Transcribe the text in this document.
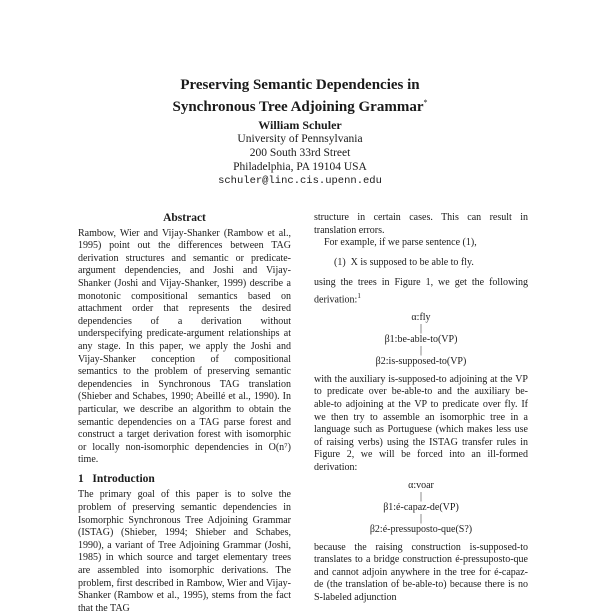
Preserving Semantic Dependencies in
Synchronous Tree Adjoining Grammar*

William Schuler
University of Pennsylvania
200 South 33rd Street
Philadelphia, PA 19104 USA
schuler@linc.cis.upenn.edu
Abstract

Rambow, Wier and Vijay-Shanker (Rambow et al., 1995) point out the differences between TAG derivation structures and semantic or predicate-argument dependencies, and Joshi and Vijay-Shanker (Joshi and Vijay-Shanker, 1999) describe a monotonic compositional semantics based on attachment order that represents the desired dependencies of a derivation without underspecifying predicate-argument relationships at any stage. In this paper, we apply the Joshi and Vijay-Shanker conception of compositional semantics to the problem of preserving semantic dependencies in Synchronous TAG translation (Shieber and Schabes, 1990; Abeillé et al., 1990). In particular, we describe an algorithm to obtain the semantic dependencies on a TAG parse forest and construct a target derivation forest with isomorphic or locally non-isomorphic dependencies in O(n⁷) time.

1 Introduction

The primary goal of this paper is to solve the problem of preserving semantic dependencies in Isomorphic Synchronous Tree Adjoining Grammar (ISTAG) (Shieber, 1994; Shieber and Schabes, 1990), a variant of Tree Adjoining Grammar (Joshi, 1985) in which source and target elementary trees are assembled into isomorphic derivations. The problem, first described in Rambow, Wier and Vijay-Shanker (Rambow et al., 1995), stems from the fact that the TAG

structure in certain cases. This can result in translation errors.

For example, if we parse sentence (1),

(1) X is supposed to be able to fly.

using the trees in Figure 1, we get the following derivation:$^1$

α:fly

|
β1:be-able-to(VP)

|
β2:is-supposed-to(VP)

with the auxiliary is-supposed-to adjoining at the VP to predicate over be-able-to and the auxiliary be-able-to adjoining at the VP to predicate over fly. If we then try to assemble an isomorphic tree in a language such as Portuguese (which makes less use of raising verbs) using the ISTAG transfer rules in Figure 2, we will be forced into an ill-formed derivation:

α:voar

|
β1:é-capaz-de(VP)

|
β2:é-pressuposto-que(S?)

because the raising construction is-supposed-to translates to a bridge construction é-pressuposto-que and cannot adjoin anywhere in the tree for é-capaz-de (the translation of be-able-to) because there is no S-labeled adjunction
